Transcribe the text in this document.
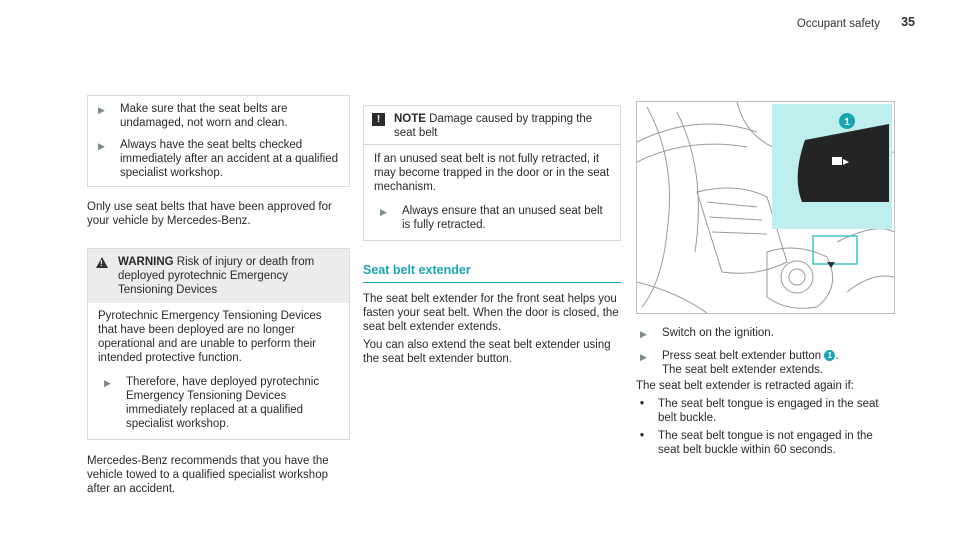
Occupant safety 35
▶	Make sure that the seat belts are undamaged, not worn and clean.
▶	Always have the seat belts checked immediately after an accident at a qualified specialist workshop.

Only use seat belts that have been approved for your vehicle by Mercedes-Benz.

! WARNING Risk of injury or death from deployed pyrotechnic Emergency Tensioning Devices

Pyrotechnic Emergency Tensioning Devices that have been deployed are no longer operational and are unable to perform their intended protective function.

▶	Therefore, have deployed pyrotechnic Emergency Tensioning Devices immediately replaced at a qualified specialist workshop.

Mercedes-Benz recommends that you have the vehicle towed to a qualified specialist workshop after an accident.

!	NOTE Damage caused by trapping the seat belt

If an unused seat belt is not fully retracted, it may become trapped in the door or in the seat mechanism.

▶	Always ensure that an unused seat belt is fully retracted.
Seat belt extender

The seat belt extender for the front seat helps you fasten your seat belt. When the door is closed, the seat belt extender extends.

You can also extend the seat belt extender using the seat belt extender button.

1
▶	Switch on the ignition.
▶	Press seat belt extender button 1 .
The seat belt extender extends.

The seat belt extender is retracted again if:

•	The seat belt tongue is engaged in the seat belt buckle.
•	The seat belt tongue is not engaged in the seat belt buckle within 60 seconds.
